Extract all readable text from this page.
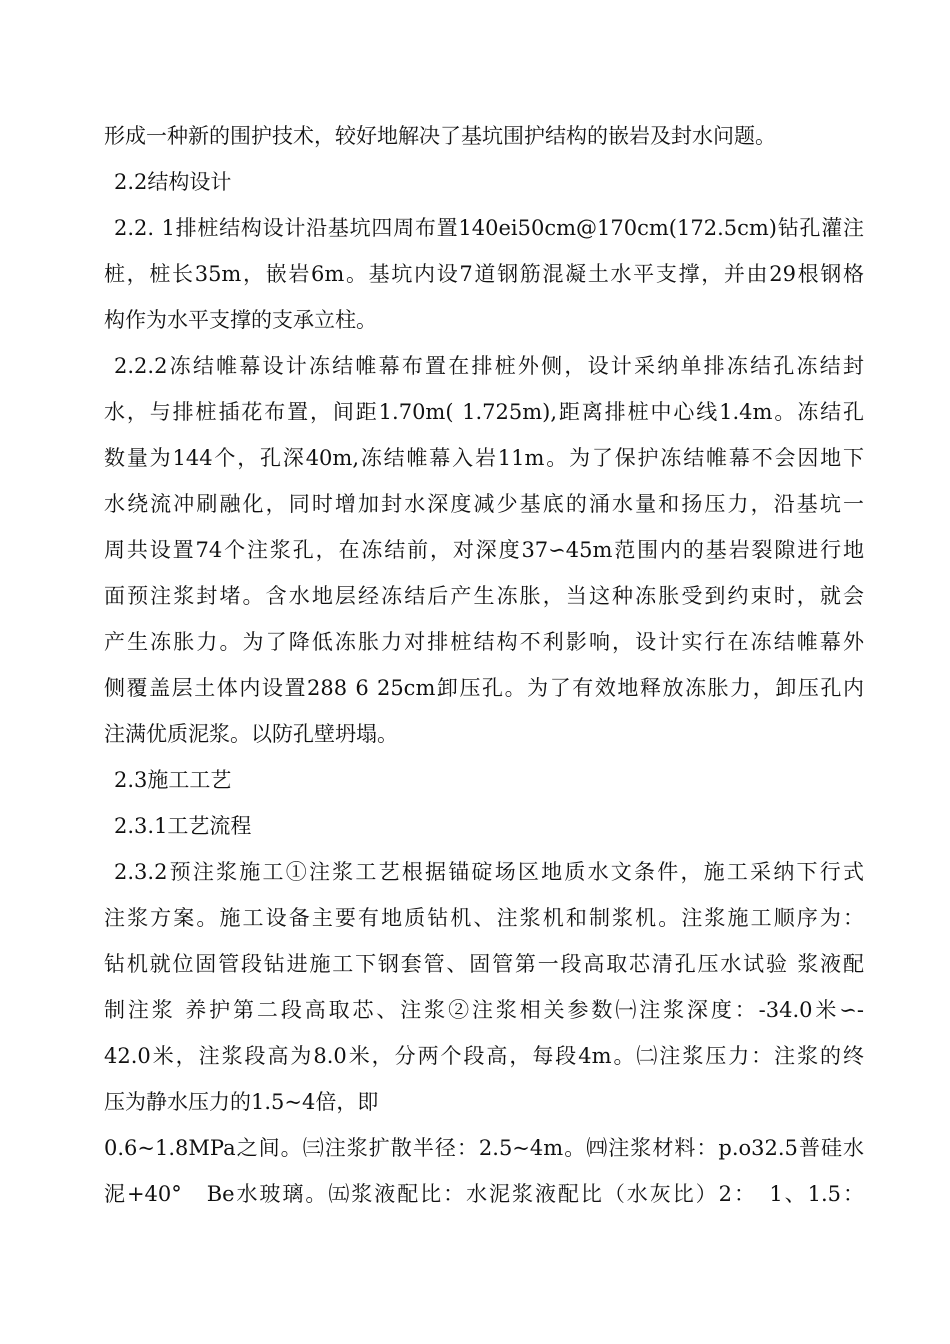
形成一种新的围护技术，较好地解决了基坑围护结构的嵌岩及封水问题。
2.2结构设计
2.2. 1排桩结构设计沿基坑四周布置140ei50cm@170cm(172.5cm)钻孔灌注
桩，桩长35m，嵌岩6m。基坑内设7道钢筋混凝土水平支撑，并由29根钢格
构作为水平支撑的支承立柱。
2.2.2冻结帷幕设计冻结帷幕布置在排桩外侧，设计采纳单排冻结孔冻结封
水，与排桩插花布置，间距1.70m( 1.725m),距离排桩中心线1.4m。冻结孔
数量为144个，孔深40m,冻结帷幕入岩11m。为了保护冻结帷幕不会因地下
水绕流冲刷融化，同时增加封水深度减少基底的涌水量和扬压力，沿基坑一
周共设置74个注浆孔，在冻结前，对深度37∽45m范围内的基岩裂隙进行地
面预注浆封堵。含水地层经冻结后产生冻胀，当这种冻胀受到约束时，就会
产生冻胀力。为了降低冻胀力对排桩结构不利影响，设计实行在冻结帷幕外
侧覆盖层土体内设置288 6 25cm卸压孔。为了有效地释放冻胀力，卸压孔内
注满优质泥浆。以防孔壁坍塌。
2.3施工工艺
2.3.1工艺流程
2.3.2预注浆施工①注浆工艺根据锚碇场区地质水文条件，施工采纳下行式
注浆方案。施工设备主要有地质钻机、注浆机和制浆机。注浆施工顺序为：
钻机就位固管段钻进施工下钢套管、固管第一段高取芯清孔压水试验 浆液配
制注浆 养护第二段高取芯、注浆②注浆相关参数㈠注浆深度：-34.0米∽-
42.0米，注浆段高为8.0米，分两个段高，每段4m。㈡注浆压力：注浆的终
压为静水压力的1.5~4倍，即
0.6~1.8MPa之间。㈢注浆扩散半径：2.5~4m。㈣注浆材料：p.o32.5普硅水
泥+40°　Be水玻璃。㈤浆液配比：水泥浆液配比（水灰比）2：　1、1.5：
